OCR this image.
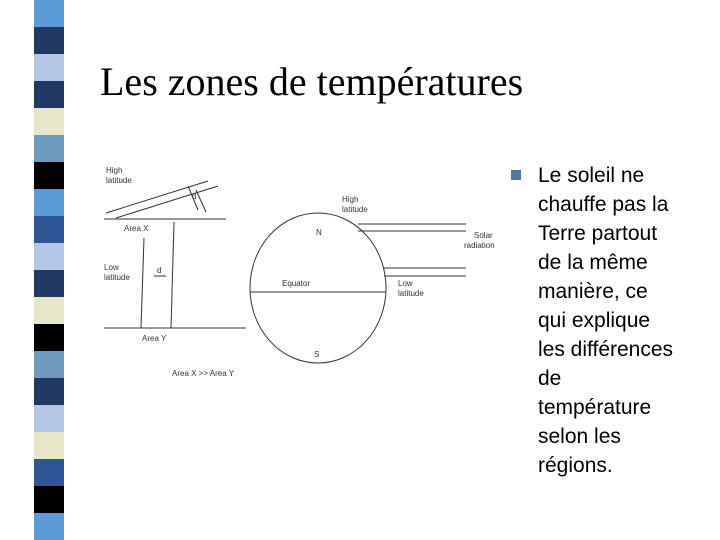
Les zones de températures
Le soleil ne
chauffe pas la
Terre partout
de la même
manière, ce
qui explique
les différences
de
température
selon les
régions.
High
latitude
d
Area X
Low
latitude
d
Area Y
Area X >> Area Y
High
latitude
N
Equator
S
Solar
radiation
Low
latitude
